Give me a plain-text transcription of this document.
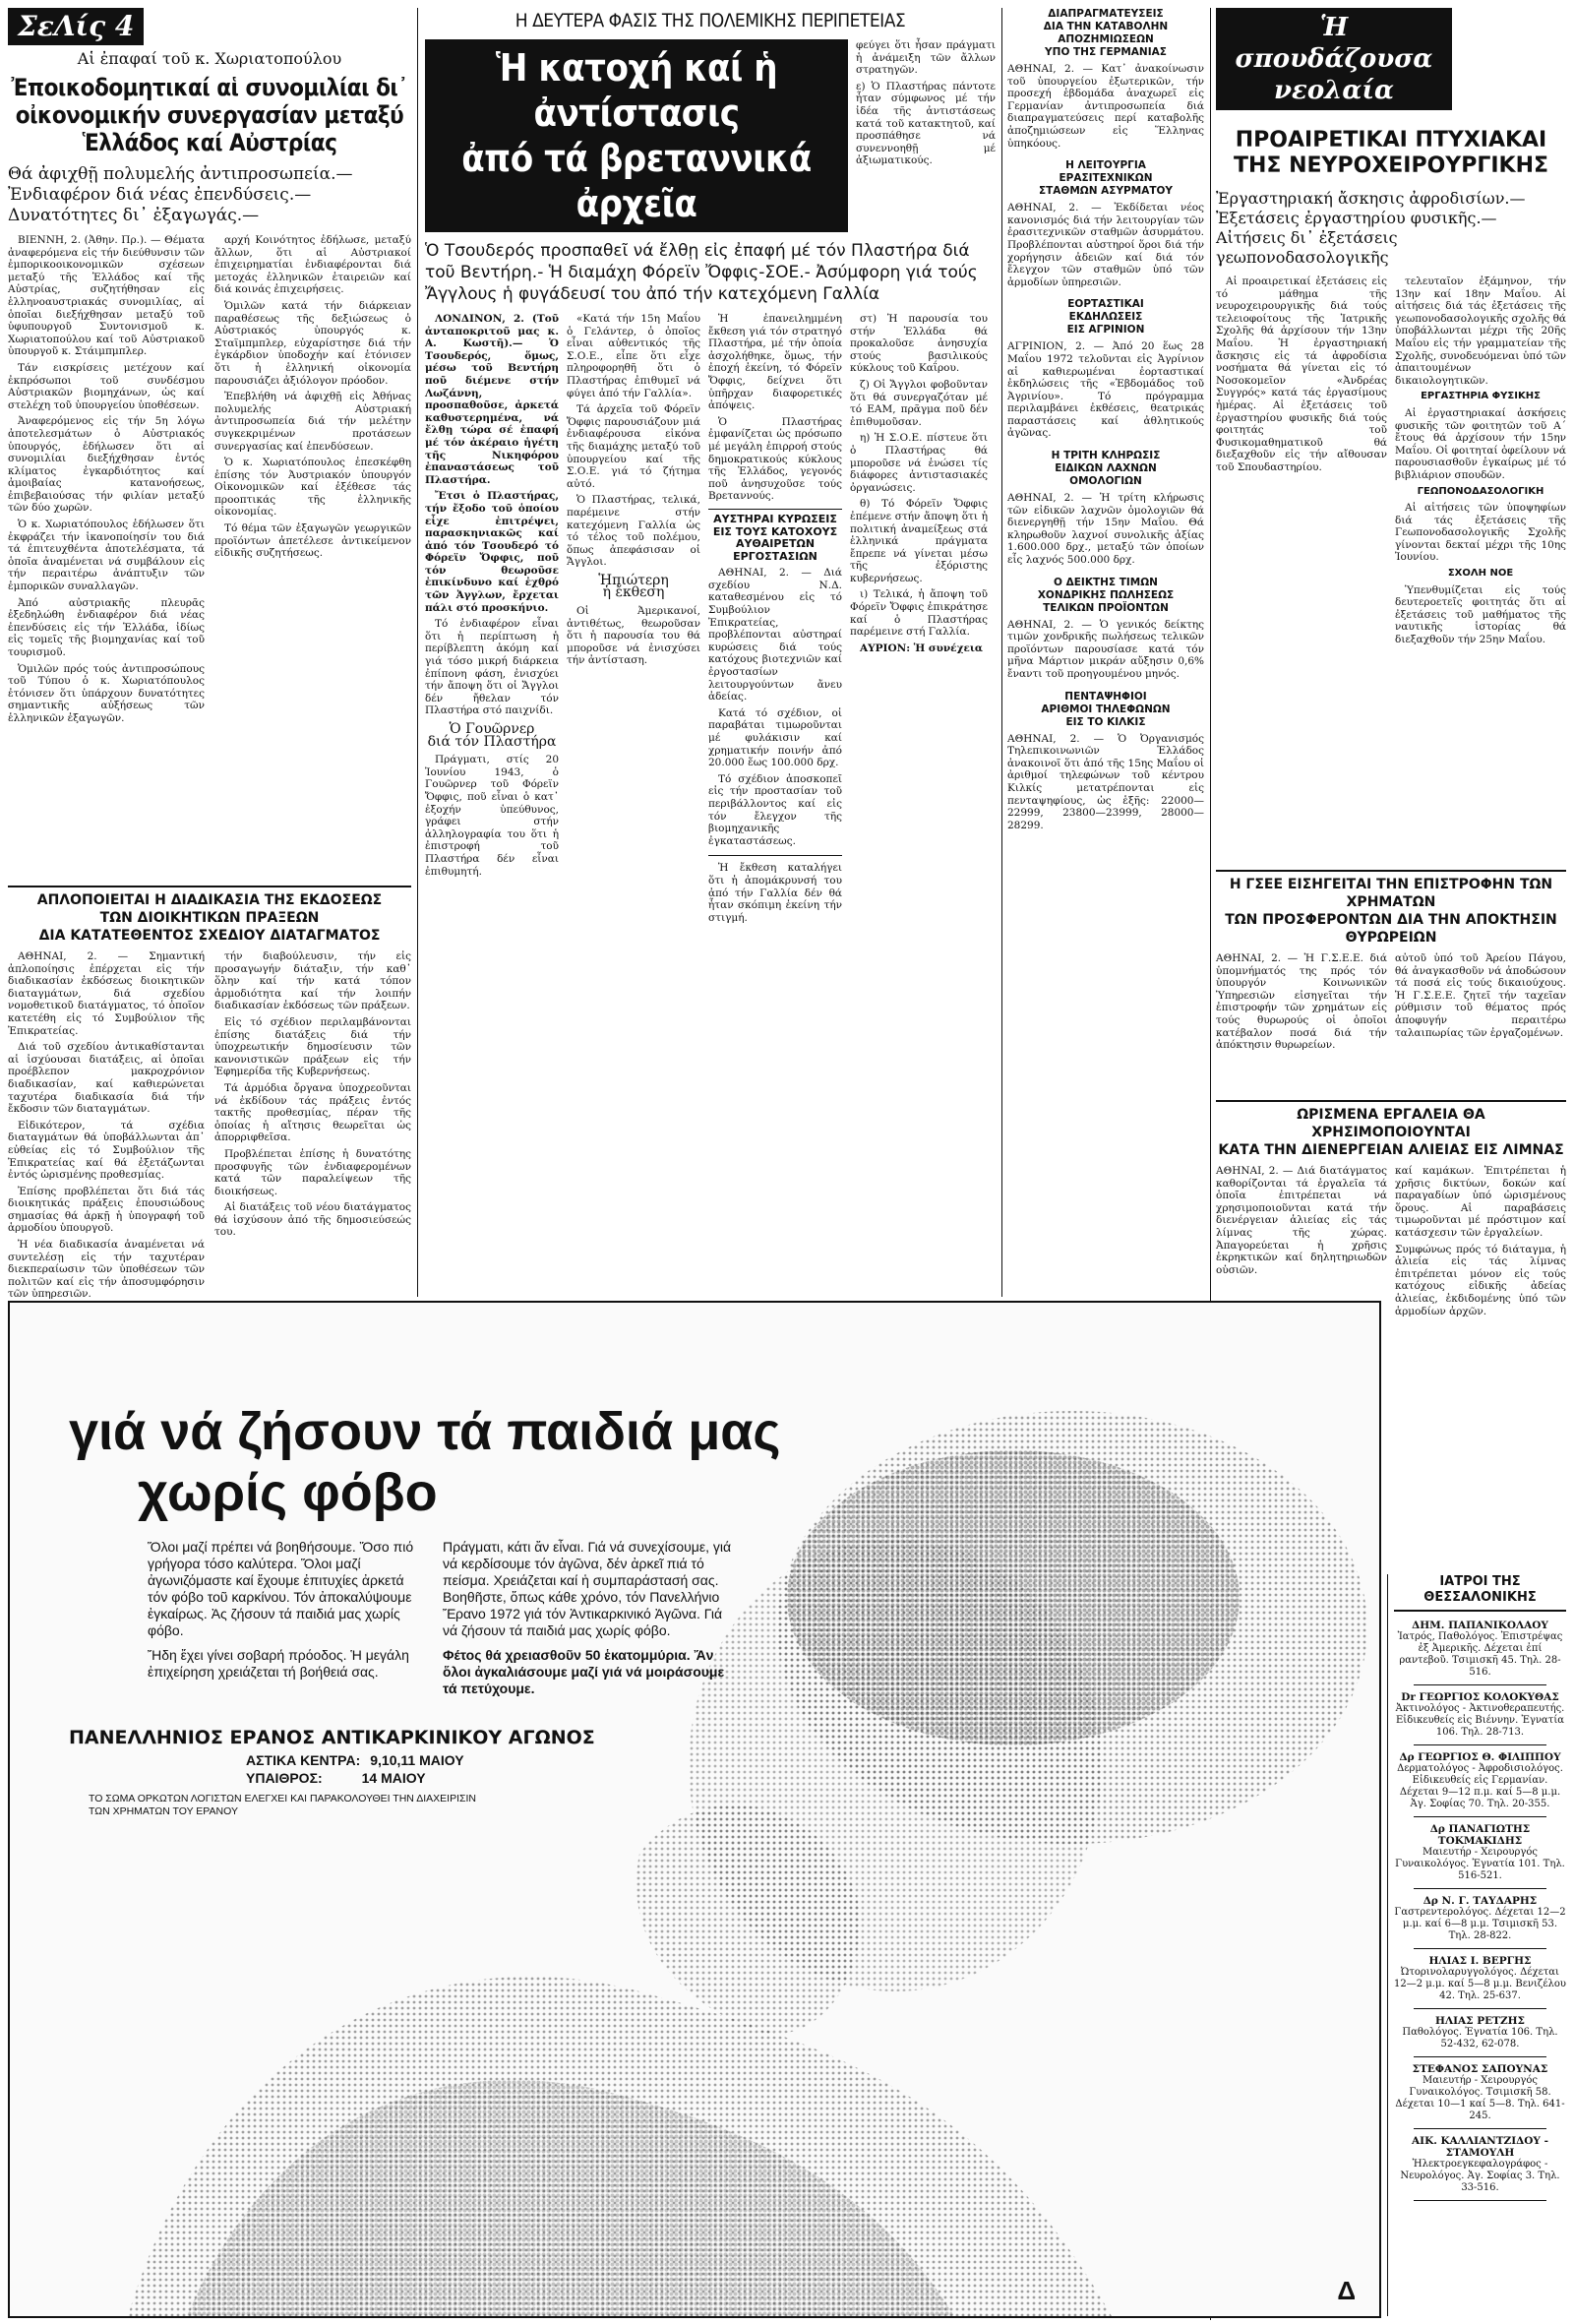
ΣεΛίς 4
Αἱ ἐπαφαί τοῦ κ. Χωριατοπούλου
Ἐποικοδομητικαί αἱ συνομιλίαι δι᾽ οἰκονομικήν συνεργασίαν μεταξύ Ἑλλάδος καί Αὐστρίας
Θά ἀφιχθῇ πολυμελής ἀντιπροσωπεία.— Ἐνδιαφέρον διά νέας ἐπενδύσεις.— Δυνατότητες δι᾽ ἐξαγωγάς.—

ΒΙΕΝΝΗ, 2. (Ἀθην. Πρ.). — Θέματα ἀναφερόμενα εἰς τήν διεύθυνσιν τῶν ἐμπορικοοικονομικῶν σχέσεων μεταξύ τῆς Ἑλλάδος καί τῆς Αὐστρίας, συζητήθησαν εἰς ἑλληνοαυστριακάς συνομιλίας, αἱ ὁποῖαι διεξήχθησαν μεταξύ τοῦ ὑφυπουργοῦ Συντονισμοῦ κ. Χωριατοπούλου καί τοῦ Αὐστριακοῦ ὑπουργοῦ κ. Στάιμπμπλερ.

Τάν εισκρίσεις μετέχουν καί ἐκπρόσωποι τοῦ συνδέσμου Αὐστριακῶν βιομηχάνων, ὡς καί στελέχη τοῦ ὑπουργείου ὑποθέσεων.

Ἀναφερόμενος εἰς τήν 5η λόγω ἀποτελεσμάτων ὁ Αὐστριακός ὑπουργός, ἐδήλωσεν ὅτι αἱ συνομιλίαι διεξήχθησαν ἐντός κλίματος ἐγκαρδιότητος καί ἀμοιβαίας κατανοήσεως, ἐπιβεβαιούσας τήν φιλίαν μεταξύ τῶν δύο χωρῶν.

Ὁ κ. Χωριατόπουλος ἐδήλωσεν ὅτι ἐκφράζει τήν ἱκανοποίησίν του διά τά ἐπιτευχθέντα ἀποτελέσματα, τά ὁποῖα ἀναμένεται νά συμβάλουν εἰς τήν περαιτέρω ἀνάπτυξιν τῶν ἐμπορικῶν συναλλαγῶν.

Ἀπό αὐστριακῆς πλευρᾶς ἐξεδηλώθη ἐνδιαφέρον διά νέας ἐπενδύσεις εἰς τήν Ἑλλάδα, ἰδίως εἰς τομεῖς τῆς βιομηχανίας καί τοῦ τουρισμοῦ.

Ὁμιλῶν πρός τούς ἀντιπροσώπους τοῦ Τύπου ὁ κ. Χωριατόπουλος ἐτόνισεν ὅτι ὑπάρχουν δυνατότητες σημαντικῆς αὐξήσεως τῶν ἑλληνικῶν ἐξαγωγῶν.

αρχή Κοινότητος ἐδήλωσε, μεταξύ ἄλλων, ὅτι αἱ Αὐστριακοί ἐπιχειρηματίαι ἐνδιαφέρονται διά μετοχάς ἑλληνικῶν ἑταιρειῶν καί διά κοινάς ἐπιχειρήσεις.

Ὁμιλῶν κατά τήν διάρκειαν παραθέσεως τῆς δεξιώσεως ὁ Αὐστριακός ὑπουργός κ. Σταϊμπμπλερ, εὐχαρίστησε διά τήν ἐγκάρδιον ὑποδοχήν καί ἐτόνισεν ὅτι ἡ ἑλληνική οἰκονομία παρουσιάζει ἀξιόλογον πρόοδον.

Ἐπεβλήθη νά ἀφιχθῇ εἰς Ἀθήνας πολυμελής Αὐστριακή ἀντιπροσωπεία διά τήν μελέτην συγκεκριμένων προτάσεων συνεργασίας καί ἐπενδύσεων.

Ὁ κ. Χωριατόπουλος ἐπεσκέφθη ἐπίσης τόν Ἀυστριακόν ὑπουργόν Οἰκονομικῶν καί ἐξέθεσε τάς προοπτικάς τῆς ἑλληνικῆς οἰκονομίας.

Τό θέμα τῶν ἐξαγωγῶν γεωργικῶν προϊόντων ἀπετέλεσε ἀντικείμενον εἰδικῆς συζητήσεως.

ΑΠΛΟΠΟΙΕΙΤΑΙ Η ΔΙΑΔΙΚΑΣΙΑ ΤΗΣ ΕΚΔΟΣΕΩΣ
ΤΩΝ ΔΙΟΙΚΗΤΙΚΩΝ ΠΡΑΞΕΩΝ
ΔΙΑ ΚΑΤΑΤΕΘΕΝΤΟΣ ΣΧΕΔΙΟΥ ΔΙΑΤΑΓΜΑΤΟΣ

ΑΘΗΝΑΙ, 2. — Σημαντική ἀπλοποίησις ἐπέρχεται εἰς τήν διαδικασίαν ἐκδόσεως διοικητικῶν διαταγμάτων, διά σχεδίου νομοθετικοῦ διατάγματος, τό ὁποῖον κατετέθη εἰς τό Συμβούλιον τῆς Ἐπικρατείας.

Διά τοῦ σχεδίου ἀντικαθίστανται αἱ ἰσχύουσαι διατάξεις, αἱ ὁποῖαι προέβλεπον μακροχρόνιον διαδικασίαν, καί καθιερώνεται ταχυτέρα διαδικασία διά τήν ἔκδοσιν τῶν διαταγμάτων.

Εἰδικότερον, τά σχέδια διαταγμάτων θά ὑποβάλλωνται ἀπ᾽ εὐθείας εἰς τό Συμβούλιον τῆς Ἐπικρατείας καί θά ἐξετάζωνται ἐντός ὡρισμένης προθεσμίας.

Ἐπίσης προβλέπεται ὅτι διά τάς διοικητικάς πράξεις ἐπουσιώδους σημασίας θά ἀρκῇ ἡ ὑπογραφή τοῦ ἁρμοδίου ὑπουργοῦ.

Ἡ νέα διαδικασία ἀναμένεται νά συντελέσῃ εἰς τήν ταχυτέραν διεκπεραίωσιν τῶν ὑποθέσεων τῶν πολιτῶν καί εἰς τήν ἀποσυμφόρησιν τῶν ὑπηρεσιῶν.

τήν διαβούλευσιν, τήν εἰς προσαγωγήν διάταξιν, τήν καθ᾽ ὅλην καί τήν κατά τόπον ἁρμοδιότητα καί τήν λοιπήν διαδικασίαν ἐκδόσεως τῶν πράξεων.

Εἰς τό σχέδιον περιλαμβάνονται ἐπίσης διατάξεις διά τήν ὑποχρεωτικήν δημοσίευσιν τῶν κανονιστικῶν πράξεων εἰς τήν Ἐφημερίδα τῆς Κυβερνήσεως.

Τά ἀρμόδια ὄργανα ὑποχρεοῦνται νά ἐκδίδουν τάς πράξεις ἐντός τακτῆς προθεσμίας, πέραν τῆς ὁποίας ἡ αἴτησις θεωρεῖται ὡς ἀπορριφθεῖσα.

Προβλέπεται ἐπίσης ἡ δυνατότης προσφυγῆς τῶν ἐνδιαφερομένων κατά τῶν παραλείψεων τῆς διοικήσεως.

Αἱ διατάξεις τοῦ νέου διατάγματος θά ἰσχύσουν ἀπό τῆς δημοσιεύσεώς του.

Η ΔΕΥΤΕΡΑ ΦΑΣΙΣ ΤΗΣ ΠΟΛΕΜΙΚΗΣ ΠΕΡΙΠΕΤΕΙΑΣ
Ἡ κατοχή καί ἡ ἀντίστασις
ἀπό τά βρεταννικά ἀρχεῖα

φεύγει ὅτι ἦσαν πράγματι ἡ ἀνάμειξη τῶν ἄλλων στρατηγῶν.

ε) Ὁ Πλαστήρας πάντοτε ἦταν σύμφωνος μέ τήν ἰδέα τῆς ἀντιστάσεως κατά τοῦ κατακτητοῦ, καί προσπάθησε νά συνεννοηθῇ μέ ἀξιωματικούς.

Ὁ Τσουδερός προσπαθεῖ νά ἔλθῃ εἰς ἐπαφή μέ τόν Πλαστήρα διά τοῦ Βεντήρη.- Ἡ διαμάχη Φόρεϊν Ὄφφις-ΣΟΕ.- Ἀσύμφορη γιά τούς Ἄγγλους ἡ φυγάδευσί του ἀπό τήν κατεχόμενη Γαλλία

ΛΟΝΔΙΝΟΝ, 2. (Τοῦ ἀνταποκριτοῦ μας κ. Α. Κωστῆ).— Ὁ Τσουδερός, ὅμως, μέσω τοῦ Βεντήρη ποῦ διέμενε στήν Λωζάννη, προσπαθοῦσε, ἀρκετά καθυστερημένα, νά ἔλθῃ τώρα σέ ἐπαφή μέ τόν ἀκέραιο ἡγέτη τῆς Νικηφόρου ἐπαναστάσεως τοῦ Πλαστήρα.

Ἔτσι ὁ Πλαστήρας, τήν ἔξοδο τοῦ ὁποίου εἶχε ἐπιτρέψει, παρασκηνιακῶς καί ἀπό τόν Τσουδερό τό Φόρεϊν Ὄφφις, ποῦ τόν θεωροῦσε ἐπικίνδυνο καί ἐχθρό τῶν Ἀγγλων, ἔρχεται πάλι στό προσκήνιο.

Τό ἐνδιαφέρον εἶναι ὅτι ἡ περίπτωση ἡ περίβλεπτη ἀκόμη καί γιά τόσο μικρή διάρκεια ἐπίπονη φάση, ἐνισχύει τήν ἄποψη ὅτι οἱ Ἄγγλοι δέν ἤθελαν τόν Πλαστήρα στό παιχνίδι.

Ὁ Γουῶρνερ
διά τόν Πλαστήρα

Πράγματι, στίς 20 Ἰουνίου 1943, ὁ Γουῶρνερ τοῦ Φόρεϊν Ὄφφις, ποῦ εἶναι ὁ κατ᾽ ἐξοχήν ὑπεύθυνος, γράφει στήν ἀλληλογραφία του ὅτι ἡ ἐπιστροφή τοῦ Πλαστήρα δέν εἶναι ἐπιθυμητή.

«Κατά τήν 15η Μαΐου ὁ Γελάντερ, ὁ ὁποῖος εἶναι αὐθεντικός τῆς Σ.Ο.Ε., εἶπε ὅτι εἶχε πληροφορηθῆ ὅτι ὁ Πλαστήρας ἐπιθυμεῖ νά φύγει ἀπό τήν Γαλλία».

Τά ἀρχεῖα τοῦ Φόρεϊν Ὄφφις παρουσιάζουν μιά ἐνδιαφέρουσα εἰκόνα τῆς διαμάχης μεταξύ τοῦ ὑπουργείου καί τῆς Σ.Ο.Ε. γιά τό ζήτημα αὐτό.

Ὁ Πλαστήρας, τελικά, παρέμεινε στήν κατεχόμενη Γαλλία ὡς τό τέλος τοῦ πολέμου, ὅπως ἀπεφάσισαν οἱ Ἄγγλοι.

Ἡπιώτερη
ἡ ἔκθεση

Οἱ Ἀμερικανοί, ἀντιθέτως, θεωροῦσαν ὅτι ἡ παρουσία του θά μποροῦσε νά ἐνισχύσει τήν ἀντίσταση.

Ἡ ἐπανειλημμένη ἔκθεση γιά τόν στρατηγό Πλαστήρα, μέ τήν ὁποία ἀσχολήθηκε, ὅμως, τήν ἐποχή ἐκείνη, τό Φόρεϊν Ὄφφις, δείχνει ὅτι ὑπῆρχαν διαφορετικές ἀπόψεις.

Ὁ Πλαστήρας ἐμφανίζεται ὡς πρόσωπο μέ μεγάλη ἐπιρροή στούς δημοκρατικούς κύκλους τῆς Ἑλλάδος, γεγονός ποῦ ἀνησυχοῦσε τούς Βρεταννούς.

ΑΥΣΤΗΡΑΙ ΚΥΡΩΣΕΙΣ
ΕΙΣ ΤΟΥΣ ΚΑΤΟΧΟΥΣ
ΑΥΘΑΙΡΕΤΩΝ
ΕΡΓΟΣΤΑΣΙΩΝ

ΑΘΗΝΑΙ, 2. — Διά σχεδίου Ν.Δ. καταθεσμένου εἰς τό Συμβούλιον Ἐπικρατείας, προβλέπονται αὐστηραί κυρώσεις διά τούς κατόχους βιοτεχνιῶν καί ἐργοστασίων λειτουργούντων ἄνευ ἀδείας.

Κατά τό σχέδιον, οἱ παραβάται τιμωροῦνται μέ φυλάκισιν καί χρηματικήν ποινήν ἀπό 20.000 ἕως 100.000 δρχ.

Τό σχέδιον ἀποσκοπεῖ εἰς τήν προστασίαν τοῦ περιβάλλοντος καί εἰς τόν ἔλεγχον τῆς βιομηχανικῆς ἐγκαταστάσεως.

Ἡ ἔκθεση καταλήγει ὅτι ἡ ἀπομάκρυνσή του ἀπό τήν Γαλλία δέν θά ἦταν σκόπιμη ἐκείνη τήν στιγμή.

στ) Ἡ παρουσία του στήν Ἑλλάδα θά προκαλοῦσε ἀνησυχία στούς βασιλικούς κύκλους τοῦ Καΐρου.

ζ) Οἱ Ἄγγλοι φοβοῦνταν ὅτι θά συνεργαζόταν μέ τό ΕΑΜ, πρᾶγμα ποῦ δέν ἐπιθυμοῦσαν.

η) Ἡ Σ.Ο.Ε. πίστευε ὅτι ὁ Πλαστήρας θά μποροῦσε νά ἑνώσει τίς διάφορες ἀντιστασιακές ὀργανώσεις.

θ) Τό Φόρεϊν Ὄφφις ἐπέμενε στήν ἄποψη ὅτι ἡ πολιτική ἀναμείξεως στά ἑλληνικά πράγματα ἔπρεπε νά γίνεται μέσω τῆς ἐξόριστης κυβερνήσεως.

ι) Τελικά, ἡ ἄποψη τοῦ Φόρεϊν Ὄφφις ἐπικράτησε καί ὁ Πλαστήρας παρέμεινε στή Γαλλία.

ΑΥΡΙΟΝ: Ἡ συνέχεια

ΔΙΑΠΡΑΓΜΑΤΕΥΣΕΙΣ
ΔΙΑ ΤΗΝ ΚΑΤΑΒΟΛΗΝ
ΑΠΟΖΗΜΙΩΣΕΩΝ
ΥΠΟ ΤΗΣ ΓΕΡΜΑΝΙΑΣ

ΑΘΗΝΑΙ, 2. — Κατ᾽ ἀνακοίνωσιν τοῦ ὑπουργείου ἐξωτερικῶν, τήν προσεχή ἑβδομάδα ἀναχωρεῖ εἰς Γερμανίαν ἀντιπροσωπεία διά διαπραγματεύσεις περί καταβολῆς ἀποζημιώσεων εἰς Ἕλληνας ὑπηκόους.

Η ΛΕΙΤΟΥΡΓΙΑ
ΕΡΑΣΙΤΕΧΝΙΚΩΝ
ΣΤΑΘΜΩΝ ΑΣΥΡΜΑΤΟΥ

ΑΘΗΝΑΙ, 2. — Ἐκδίδεται νέος κανονισμός διά τήν λειτουργίαν τῶν ἐρασιτεχνικῶν σταθμῶν ἀσυρμάτου. Προβλέπονται αὐστηροί ὅροι διά τήν χορήγησιν ἀδειῶν καί διά τόν ἔλεγχον τῶν σταθμῶν ὑπό τῶν ἁρμοδίων ὑπηρεσιῶν.

ΕΟΡΤΑΣΤΙΚΑΙ
ΕΚΔΗΛΩΣΕΙΣ
ΕΙΣ ΑΓΡΙΝΙΟΝ

ΑΓΡΙΝΙΟΝ, 2. — Ἀπό 20 ἕως 28 Μαΐου 1972 τελοῦνται εἰς Ἀγρίνιον αἱ καθιερωμέναι ἐορταστικαί ἐκδηλώσεις τῆς «Ἑβδομάδος τοῦ Ἀγρινίου». Τό πρόγραμμα περιλαμβάνει ἐκθέσεις, θεατρικάς παραστάσεις καί ἀθλητικούς ἀγῶνας.

Η ΤΡΙΤΗ ΚΛΗΡΩΣΙΣ
ΕΙΔΙΚΩΝ ΛΑΧΝΩΝ
ΟΜΟΛΟΓΙΩΝ

ΑΘΗΝΑΙ, 2. — Ἡ τρίτη κλήρωσις τῶν εἰδικῶν λαχνῶν ὁμολογιῶν θά διενεργηθῇ τήν 15ην Μαΐου. Θά κληρωθοῦν λαχνοί συνολικῆς ἀξίας 1.600.000 δρχ., μεταξύ τῶν ὁποίων εἷς λαχνός 500.000 δρχ.

Ο ΔΕΙΚΤΗΣ ΤΙΜΩΝ
ΧΟΝΔΡΙΚΗΣ ΠΩΛΗΣΕΩΣ
ΤΕΛΙΚΩΝ ΠΡΟΪΟΝΤΩΝ

ΑΘΗΝΑΙ, 2. — Ὁ γενικός δείκτης τιμῶν χονδρικῆς πωλήσεως τελικῶν προϊόντων παρουσίασε κατά τόν μῆνα Μάρτιον μικράν αὔξησιν 0,6% ἔναντι τοῦ προηγουμένου μηνός.

ΠΕΝΤΑΨΗΦΙΟΙ
ΑΡΙΘΜΟΙ ΤΗΛΕΦΩΝΩΝ
ΕΙΣ ΤΟ ΚΙΛΚΙΣ

ΑΘΗΝΑΙ, 2. — Ὁ Ὀργανισμός Τηλεπικοινωνιῶν Ἑλλάδος ἀνακοινοῖ ὅτι ἀπό τῆς 15ης Μαΐου οἱ ἀριθμοί τηλεφώνων τοῦ κέντρου Κιλκίς μετατρέπονται εἰς πενταψηφίους, ὡς ἑξῆς: 22000—22999, 23800—23999, 28000—28299.

Ἡ σπουδάζουσα νεολαία
ΠΡΟΑΙΡΕΤΙΚΑΙ ΠΤΥΧΙΑΚΑΙ
ΤΗΣ ΝΕΥΡΟΧΕΙΡΟΥΡΓΙΚΗΣ
Ἐργαστηριακή ἄσκησις ἀφροδισίων.— Ἐξετάσεις ἐργαστηρίου φυσικῆς.— Αἰτήσεις δι᾽ ἐξετάσεις γεωπονοδασολογικῆς

Αἱ προαιρετικαί ἐξετάσεις εἰς τό μάθημα τῆς νευροχειρουργικῆς διά τούς τελειοφοίτους τῆς Ἰατρικῆς Σχολῆς θά ἀρχίσουν τήν 13ην Μαΐου. Ἡ ἐργαστηριακή ἄσκησις εἰς τά ἀφροδίσια νοσήματα θά γίνεται εἰς τό Νοσοκομεῖον «Ἀνδρέας Συγγρός» κατά τάς ἐργασίμους ἡμέρας. Αἱ ἐξετάσεις τοῦ ἐργαστηρίου φυσικῆς διά τούς φοιτητάς τοῦ Φυσικομαθηματικοῦ θά διεξαχθοῦν εἰς τήν αἴθουσαν τοῦ Σπουδαστηρίου.

τελευταῖον ἐξάμηνον, τήν 13ην καί 18ην Μαΐου. Αἱ αἰτήσεις διά τάς ἐξετάσεις τῆς γεωπονοδασολογικῆς σχολῆς θά ὑποβάλλωνται μέχρι τῆς 20ῆς Μαΐου εἰς τήν γραμματείαν τῆς Σχολῆς, συνοδευόμεναι ὑπό τῶν ἀπαιτουμένων δικαιολογητικῶν.

ΕΡΓΑΣΤΗΡΙΑ ΦΥΣΙΚΗΣ

Αἱ ἐργαστηριακαί ἀσκήσεις φυσικῆς τῶν φοιτητῶν τοῦ Α΄ ἔτους θά ἀρχίσουν τήν 15ην Μαΐου. Οἱ φοιτηταί ὀφείλουν νά παρουσιασθοῦν ἐγκαίρως μέ τό βιβλιάριον σπουδῶν.

ΓΕΩΠΟΝΟΔΑΣΟΛΟΓΙΚΗ

Αἱ αἰτήσεις τῶν ὑποψηφίων διά τάς ἐξετάσεις τῆς Γεωπονοδασολογικῆς Σχολῆς γίνονται δεκταί μέχρι τῆς 10ης Ἰουνίου.

ΣΧΟΛΗ ΝΟΕ

Ὑπενθυμίζεται εἰς τούς δευτεροετεῖς φοιτητάς ὅτι αἱ ἐξετάσεις τοῦ μαθήματος τῆς ναυτικῆς ἱστορίας θά διεξαχθοῦν τήν 25ην Μαΐου.

Η ΓΣΕΕ ΕΙΣΗΓΕΙΤΑΙ ΤΗΝ ΕΠΙΣΤΡΟΦΗΝ ΤΩΝ ΧΡΗΜΑΤΩΝ
ΤΩΝ ΠΡΟΣΦΕΡΟΝΤΩΝ ΔΙΑ ΤΗΝ ΑΠΟΚΤΗΣΙΝ ΘΥΡΩΡΕΙΩΝ

ΑΘΗΝΑΙ, 2. — Ἡ Γ.Σ.Ε.Ε. διά ὑπομνήματός της πρός τόν ὑπουργόν Κοινωνικῶν Ὑπηρεσιῶν εἰσηγεῖται τήν ἐπιστροφήν τῶν χρημάτων εἰς τούς θυρωρούς οἱ ὁποῖοι κατέβαλον ποσά διά τήν ἀπόκτησιν θυρωρείων.

αὐτοῦ ὑπό τοῦ Ἀρείου Πάγου, θά ἀναγκασθοῦν νά ἀποδώσουν τά ποσά εἰς τούς δικαιούχους. Ἡ Γ.Σ.Ε.Ε. ζητεῖ τήν ταχεῖαν ρύθμισιν τοῦ θέματος πρός ἀποφυγήν περαιτέρω ταλαιπωρίας τῶν ἐργαζομένων.

ΩΡΙΣΜΕΝΑ ΕΡΓΑΛΕΙΑ ΘΑ ΧΡΗΣΙΜΟΠΟΙΟΥΝΤΑΙ
ΚΑΤΑ ΤΗΝ ΔΙΕΝΕΡΓΕΙΑΝ ΑΛΙΕΙΑΣ ΕΙΣ ΛΙΜΝΑΣ

ΑΘΗΝΑΙ, 2. — Διά διατάγματος καθορίζονται τά ἐργαλεῖα τά ὁποῖα ἐπιτρέπεται νά χρησιμοποιοῦνται κατά τήν διενέργειαν ἁλιείας εἰς τάς λίμνας τῆς χώρας. Ἀπαγορεύεται ἡ χρῆσις ἐκρηκτικῶν καί δηλητηριωδῶν οὐσιῶν.

καί καμάκων. Ἐπιτρέπεται ἡ χρῆσις δικτύων, δοκών καί παραγαδίων ὑπό ὡρισμένους ὅρους. Αἱ παραβάσεις τιμωροῦνται μέ πρόστιμον καί κατάσχεσιν τῶν ἐργαλείων.

Συμφώνως πρός τό διάταγμα, ἡ ἁλιεία εἰς τάς λίμνας ἐπιτρέπεται μόνον εἰς τούς κατόχους εἰδικῆς ἀδείας ἁλιείας, ἐκδιδομένης ὑπό τῶν ἁρμοδίων ἀρχῶν.

ΙΑΤΡΟΙ ΤΗΣ ΘΕΣΣΑΛΟΝΙΚΗΣ
ΔΗΜ. ΠΑΠΑΝΙΚΟΛΑΟΥ
Ἰατρός, Παθολόγος. Ἐπιστρέψας ἐξ Ἀμερικῆς. Δέχεται ἐπί ραντεβοῦ. Τσιμισκῆ 45. Τηλ. 28-516.
Dr ΓΕΩΡΓΙΟΣ ΚΟΛΟΚΥΘΑΣ
Ἀκτινολόγος - Ἀκτινοθεραπευτής. Εἰδικευθείς εἰς Βιέννην. Ἐγνατία 106. Τηλ. 28-713.
Δρ ΓΕΩΡΓΙΟΣ Θ. ΦΙΛΙΠΠΟΥ
Δερματολόγος - Ἀφροδισιολόγος. Εἰδικευθείς εἰς Γερμανίαν. Δέχεται 9—12 π.μ. καί 5—8 μ.μ. Ἀγ. Σοφίας 70. Τηλ. 20-355.
Δρ ΠΑΝΑΓΙΩΤΗΣ ΤΟΚΜΑΚΙΔΗΣ
Μαιευτήρ - Χειρουργός Γυναικολόγος. Ἐγνατία 101. Τηλ. 516-521.
Δρ Ν. Γ. ΤΑΥΔΑΡΗΣ
Γαστρεντερολόγος. Δέχεται 12—2 μ.μ. καί 6—8 μ.μ. Τσιμισκῆ 53. Τηλ. 28-822.
ΗΛΙΑΣ Ι. ΒΕΡΓΗΣ
Ὠτορινολαρυγγολόγος. Δέχεται 12—2 μ.μ. καί 5—8 μ.μ. Βενιζέλου 42. Τηλ. 25-637.
ΗΛΙΑΣ ΡΕΤΖΗΣ
Παθολόγος. Ἐγνατία 106. Τηλ. 52-432, 62-078.
ΣΤΕΦΑΝΟΣ ΣΑΠΟΥΝΑΣ
Μαιευτήρ - Χειρουργός Γυναικολόγος. Τσιμισκῆ 58. Δέχεται 10—1 καί 5—8. Τηλ. 641-245.
ΑΙΚ. ΚΑΛΛΙΑΝΤΖΙΔΟΥ - ΣΤΑΜΟΥΛΗ
Ἠλεκτροεγκεφαλογράφος - Νευρολόγος. Ἀγ. Σοφίας 3. Τηλ. 33-516.
γιά νά ζήσουν τά παιδιά μας
χωρίς φόβο

Ὅλοι μαζί πρέπει νά βοηθήσουμε. Ὅσο πιό γρήγορα τόσο καλύτερα. Ὅλοι μαζί ἀγωνιζόμαστε καί ἔχουμε ἐπιτυχίες ἀρκετά τόν φόβο τοῦ καρκίνου. Τόν ἀποκαλύψουμε ἐγκαίρως. Ἀς ζήσουν τά παιδιά μας χωρίς φόβο.

Ἤδη ἔχει γίνει σοβαρή πρόοδος. Ἡ μεγάλη ἐπιχείρηση χρειάζεται τή βοήθειά σας.

Πράγματι, κάτι ἄν εἶναι. Γιά νά συνεχίσουμε, γιά νά κερδίσουμε τόν ἀγῶνα, δέν ἀρκεῖ πιά τό πείσμα. Χρειάζεται καί ἡ συμπαράστασή σας. Βοηθῆστε, ὅπως κάθε χρόνο, τόν Πανελλήνιο Ἔρανο 1972 γιά τόν Ἀντικαρκινικό Ἀγῶνα. Γιά νά ζήσουν τά παιδιά μας χωρίς φόβο.

Φέτος θά χρειασθοῦν 50 ἑκατομμύρια. Ἄν ὅλοι ἀγκαλιάσουμε μαζί γιά νά μοιράσουμε τά πετύχουμε.

ΠΑΝΕΛΛΗΝΙΟΣ ΕΡΑΝΟΣ ΑΝΤΙΚΑΡΚΙΝΙΚΟΥ ΑΓΩΝΟΣ
ΑΣΤΙΚΑ ΚΕΝΤΡΑ: 9,10,11 ΜΑΙΟΥ
ΥΠΑΙΘΡΟΣ:	14 ΜΑΙΟΥ
ΤΟ ΣΩΜΑ ΟΡΚΩΤΩΝ ΛΟΓΙΣΤΩΝ ΕΛΕΓΧΕΙ ΚΑΙ ΠΑΡΑΚΟΛΟΥΘΕΙ ΤΗΝ ΔΙΑΧΕΙΡΙΣΙΝ ΤΩΝ ΧΡΗΜΑΤΩΝ ΤΟΥ ΕΡΑΝΟΥ
Δ
